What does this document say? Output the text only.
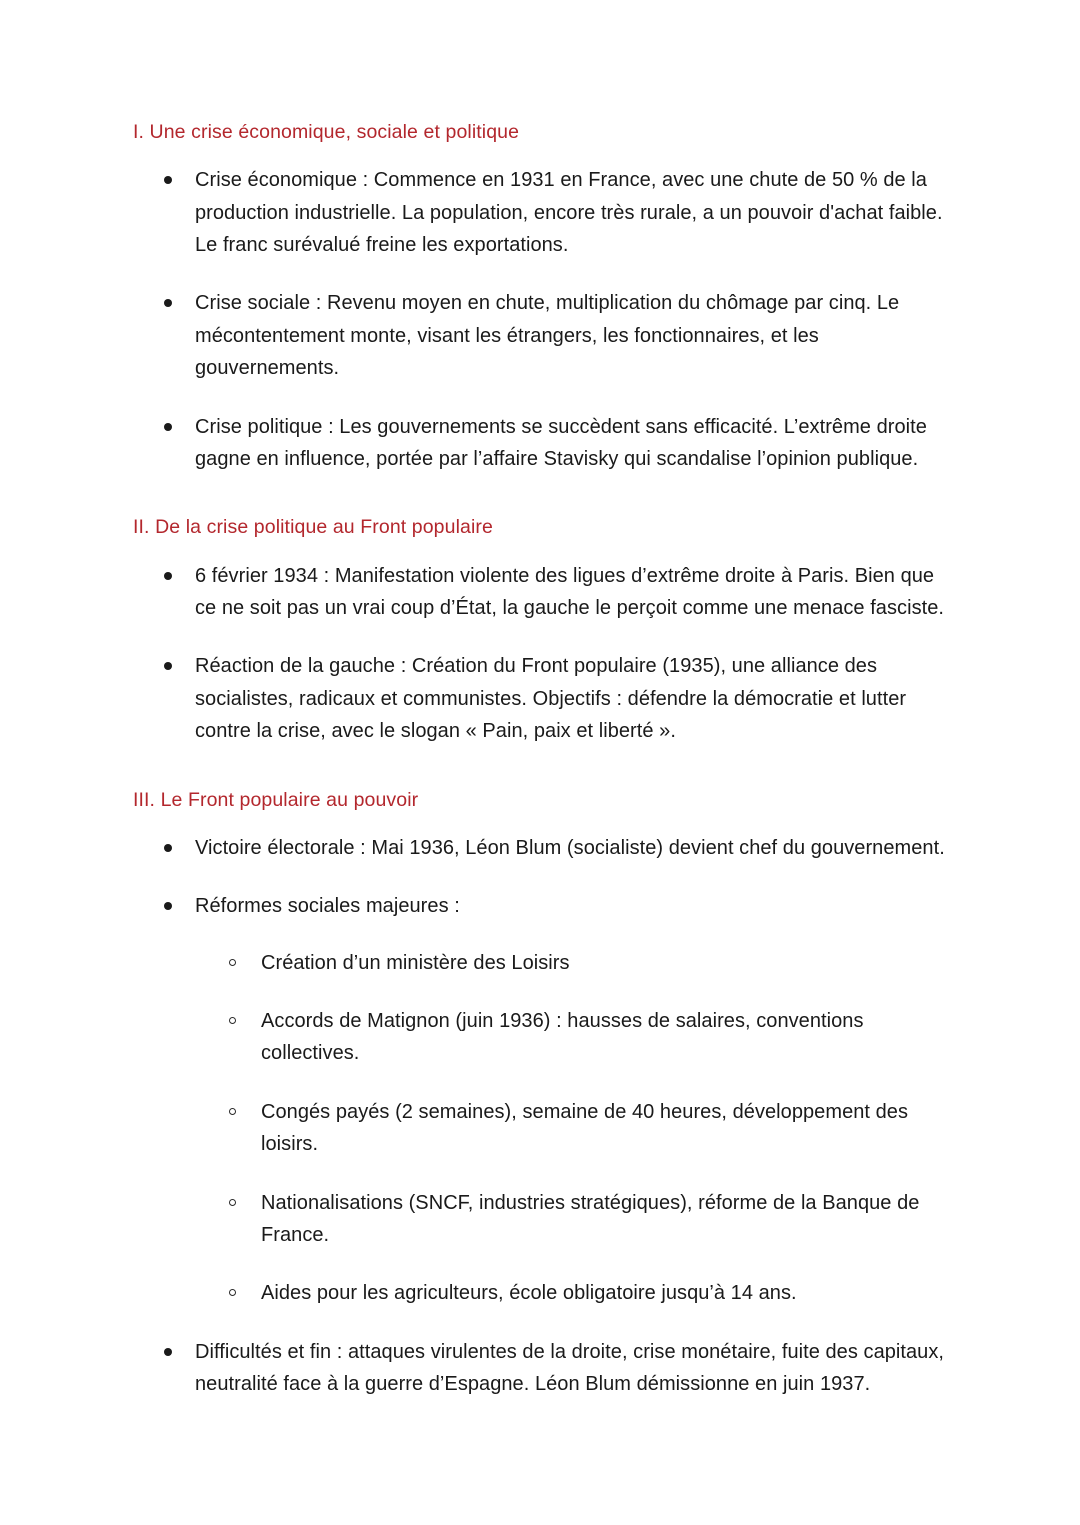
I. Une crise économique, sociale et politique
Crise économique : Commence en 1931 en France, avec une chute de 50 % de la production industrielle. La population, encore très rurale, a un pouvoir d'achat faible. Le franc surévalué freine les exportations.
Crise sociale : Revenu moyen en chute, multiplication du chômage par cinq. Le mécontentement monte, visant les étrangers, les fonctionnaires, et les gouvernements.
Crise politique : Les gouvernements se succèdent sans efficacité. L’extrême droite gagne en influence, portée par l’affaire Stavisky qui scandalise l’opinion publique.
II. De la crise politique au Front populaire
6 février 1934 : Manifestation violente des ligues d’extrême droite à Paris. Bien que ce ne soit pas un vrai coup d’État, la gauche le perçoit comme une menace fasciste.
Réaction de la gauche : Création du Front populaire (1935), une alliance des socialistes, radicaux et communistes. Objectifs : défendre la démocratie et lutter contre la crise, avec le slogan « Pain, paix et liberté ».
III. Le Front populaire au pouvoir
Victoire électorale : Mai 1936, Léon Blum (socialiste) devient chef du gouvernement.
Réformes sociales majeures :
Création d’un ministère des Loisirs
Accords de Matignon (juin 1936) : hausses de salaires, conventions collectives.
Congés payés (2 semaines), semaine de 40 heures, développement des loisirs.
Nationalisations (SNCF, industries stratégiques), réforme de la Banque de France.
Aides pour les agriculteurs, école obligatoire jusqu’à 14 ans.
Difficultés et fin : attaques virulentes de la droite, crise monétaire, fuite des capitaux, neutralité face à la guerre d’Espagne. Léon Blum démissionne en juin 1937.
